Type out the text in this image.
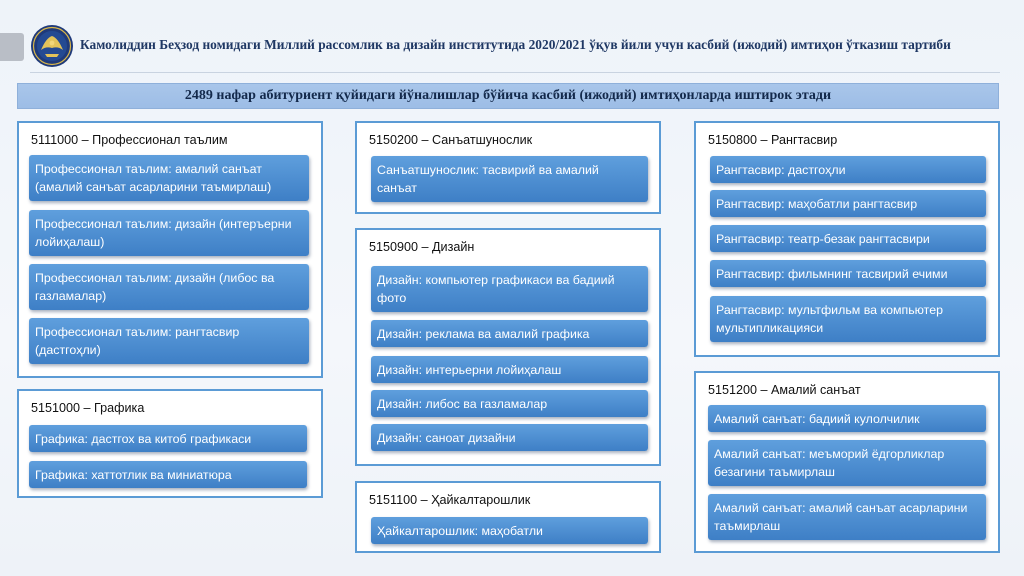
Камолиддин Беҳзод номидаги Миллий рассомлик ва дизайн институтида 2020/2021 ўқув йили учун касбий (ижодий) имтиҳон ўтказиш тартиби
2489 нафар абитуриент қуйидаги йўналишлар бўйича касбий (ижодий) имтиҳонларда иштирок этади
5111000 – Профессионал таълим
Профессионал таълим: амалий санъат (амалий санъат асарларини таъмирлаш)
Профессионал таълим: дизайн (интеръерни лойиҳалаш)
Профессионал таълим: дизайн (либос ва газламалар)
Профессионал таълим: рангтасвир (дастгоҳли)
5151000 – Графика
Графика: дастгох ва китоб графикаси
Графика: хаттотлик ва миниатюра
5150200 – Санъатшунослик
Санъатшунослик: тасвирий ва амалий санъат
5150900 – Дизайн
Дизайн: компьютер графикаси ва бадиий фото
Дизайн: реклама ва амалий графика
Дизайн: интерьерни лойиҳалаш
Дизайн: либос ва газламалар
Дизайн: саноат дизайни
5151100 – Ҳайкалтарошлик
Ҳайкалтарошлик: маҳобатли
5150800 – Рангтасвир
Рангтасвир: дастгоҳли
Рангтасвир: маҳобатли рангтасвир
Рангтасвир: театр-безак рангтасвири
Рангтасвир: фильмнинг тасвирий ечими
Рангтасвир: мультфильм ва компьютер мультипликацияси
5151200 – Амалий санъат
Амалий санъат: бадиий кулолчилик
Амалий санъат: меъморий ёдгорликлар безагини таъмирлаш
Амалий санъат: амалий санъат асарларини таъмирлаш
